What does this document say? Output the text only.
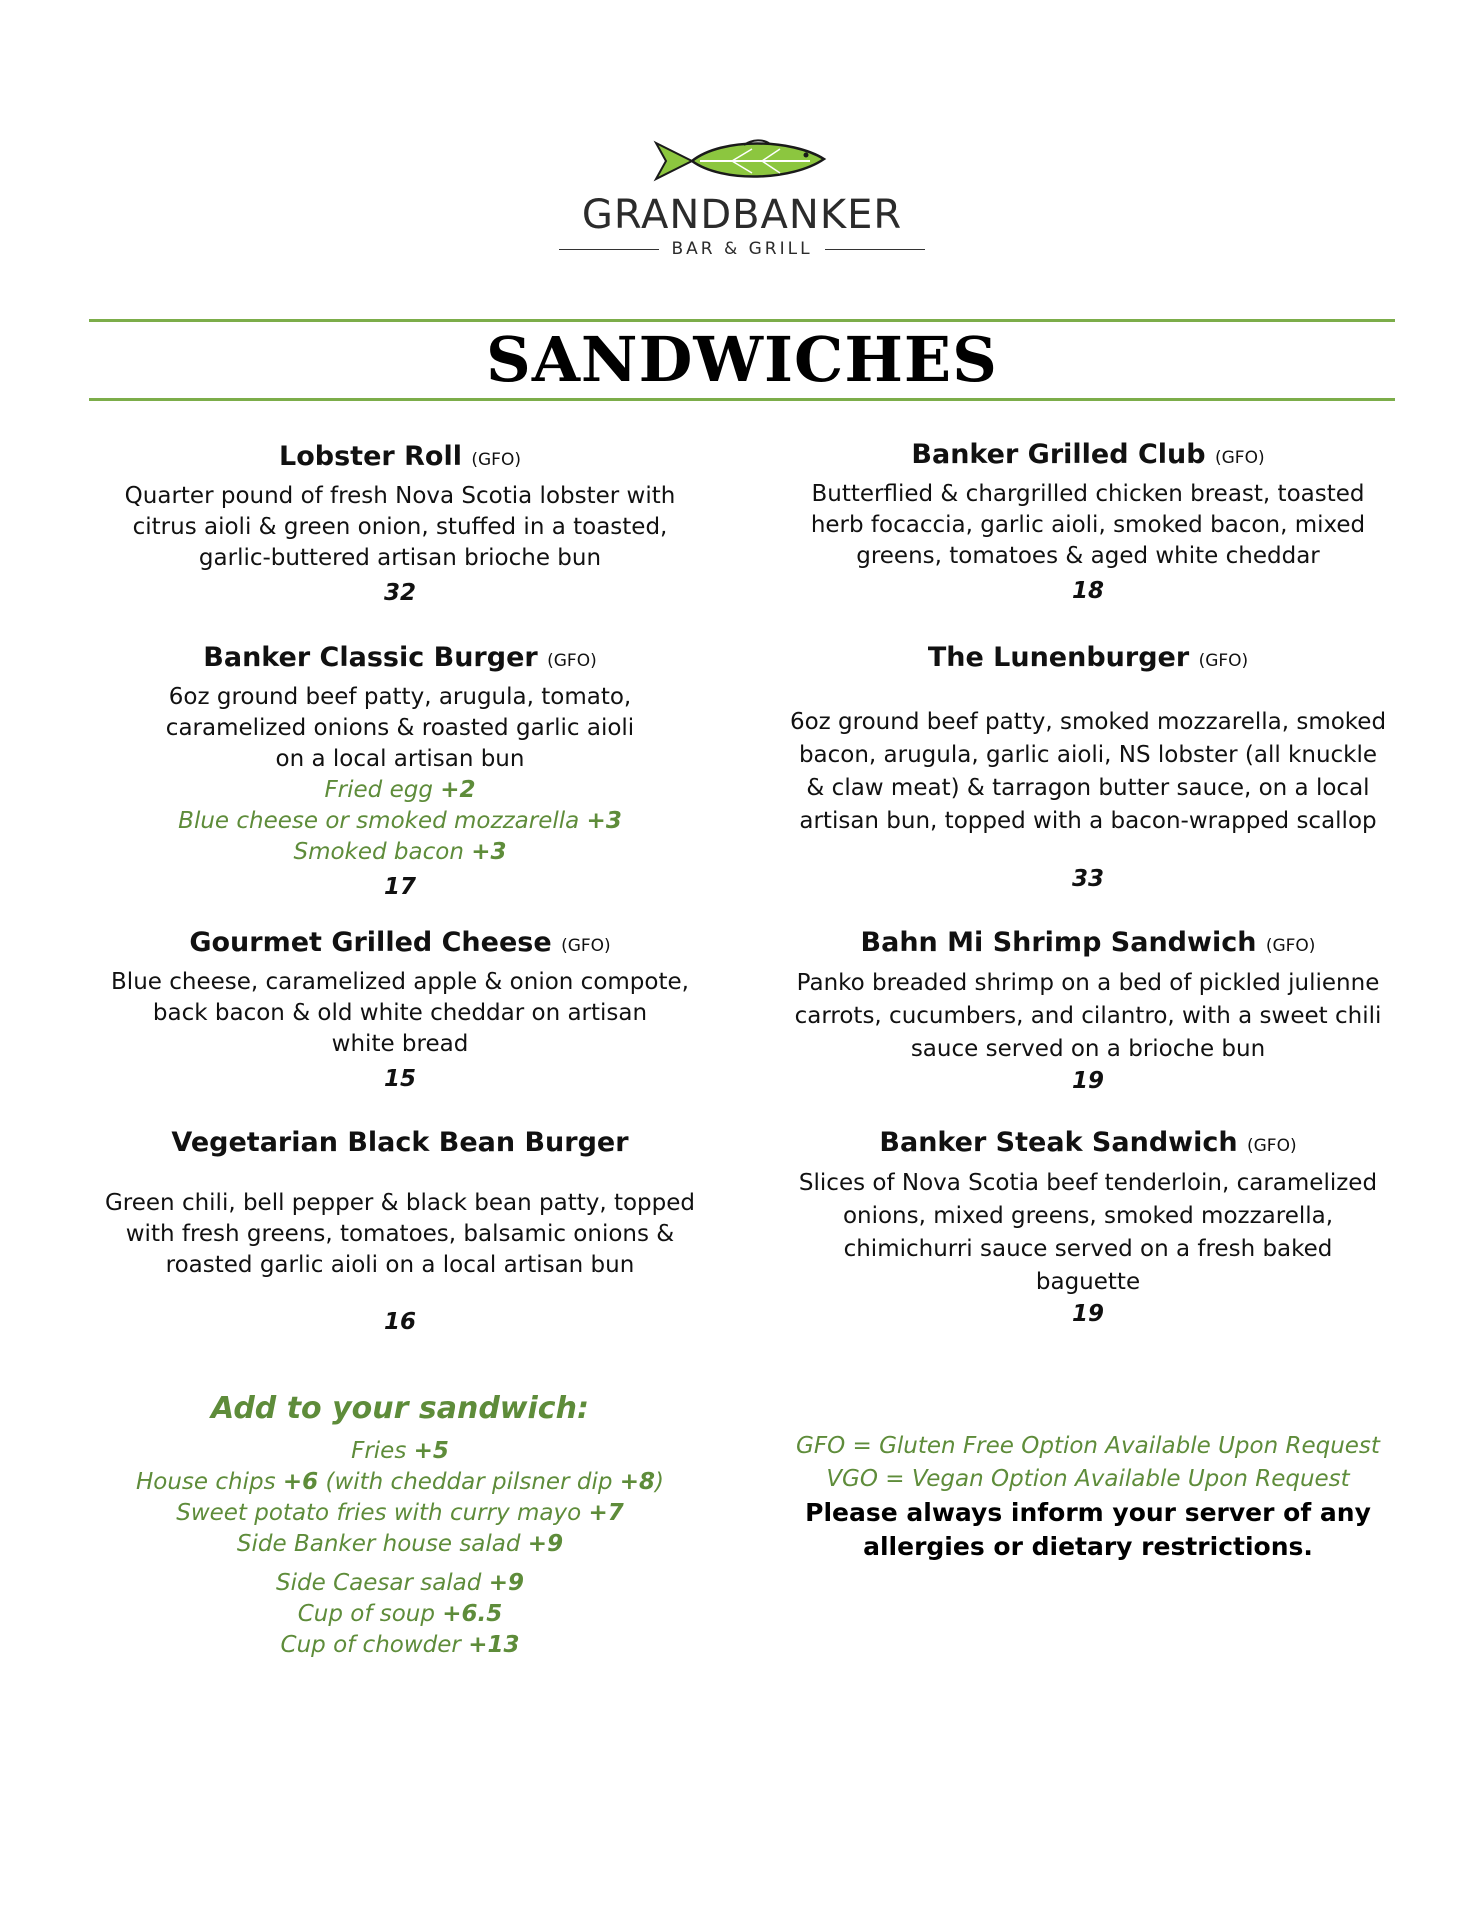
GRANDBANKER
BAR & GRILL
SANDWICHES
Lobster Roll (GFO)
Quarter pound of fresh Nova Scotia lobster with
citrus aioli & green onion, stuffed in a toasted,
garlic-buttered artisan brioche bun
32
Banker Classic Burger (GFO)
6oz ground beef patty, arugula, tomato,
caramelized onions & roasted garlic aioli
on a local artisan bun
Fried egg +2
Blue cheese or smoked mozzarella +3
Smoked bacon +3
17
Gourmet Grilled Cheese (GFO)
Blue cheese, caramelized apple & onion compote,
back bacon & old white cheddar on artisan
white bread
15
Vegetarian Black Bean Burger
Green chili, bell pepper & black bean patty, topped
with fresh greens, tomatoes, balsamic onions &
roasted garlic aioli on a local artisan bun
16
Banker Grilled Club (GFO)
Butterflied & chargrilled chicken breast, toasted
herb focaccia, garlic aioli, smoked bacon, mixed
greens, tomatoes & aged white cheddar
18
The Lunenburger (GFO)
6oz ground beef patty, smoked mozzarella, smoked
bacon, arugula, garlic aioli, NS lobster (all knuckle
& claw meat) & tarragon butter sauce, on a local
artisan bun, topped with a bacon-wrapped scallop
33
Bahn Mi Shrimp Sandwich (GFO)
Panko breaded shrimp on a bed of pickled julienne
carrots, cucumbers, and cilantro, with a sweet chili
sauce served on a brioche bun
19
Banker Steak Sandwich (GFO)
Slices of Nova Scotia beef tenderloin, caramelized
onions, mixed greens, smoked mozzarella,
chimichurri sauce served on a fresh baked
baguette
19
Add to your sandwich:
Fries +5
House chips +6 (with cheddar pilsner dip +8)
Sweet potato fries with curry mayo +7
Side Banker house salad +9
Side Caesar salad +9
Cup of soup +6.5
Cup of chowder +13
GFO = Gluten Free Option Available Upon Request
VGO = Vegan Option Available Upon Request
Please always inform your server of any
allergies or dietary restrictions.
